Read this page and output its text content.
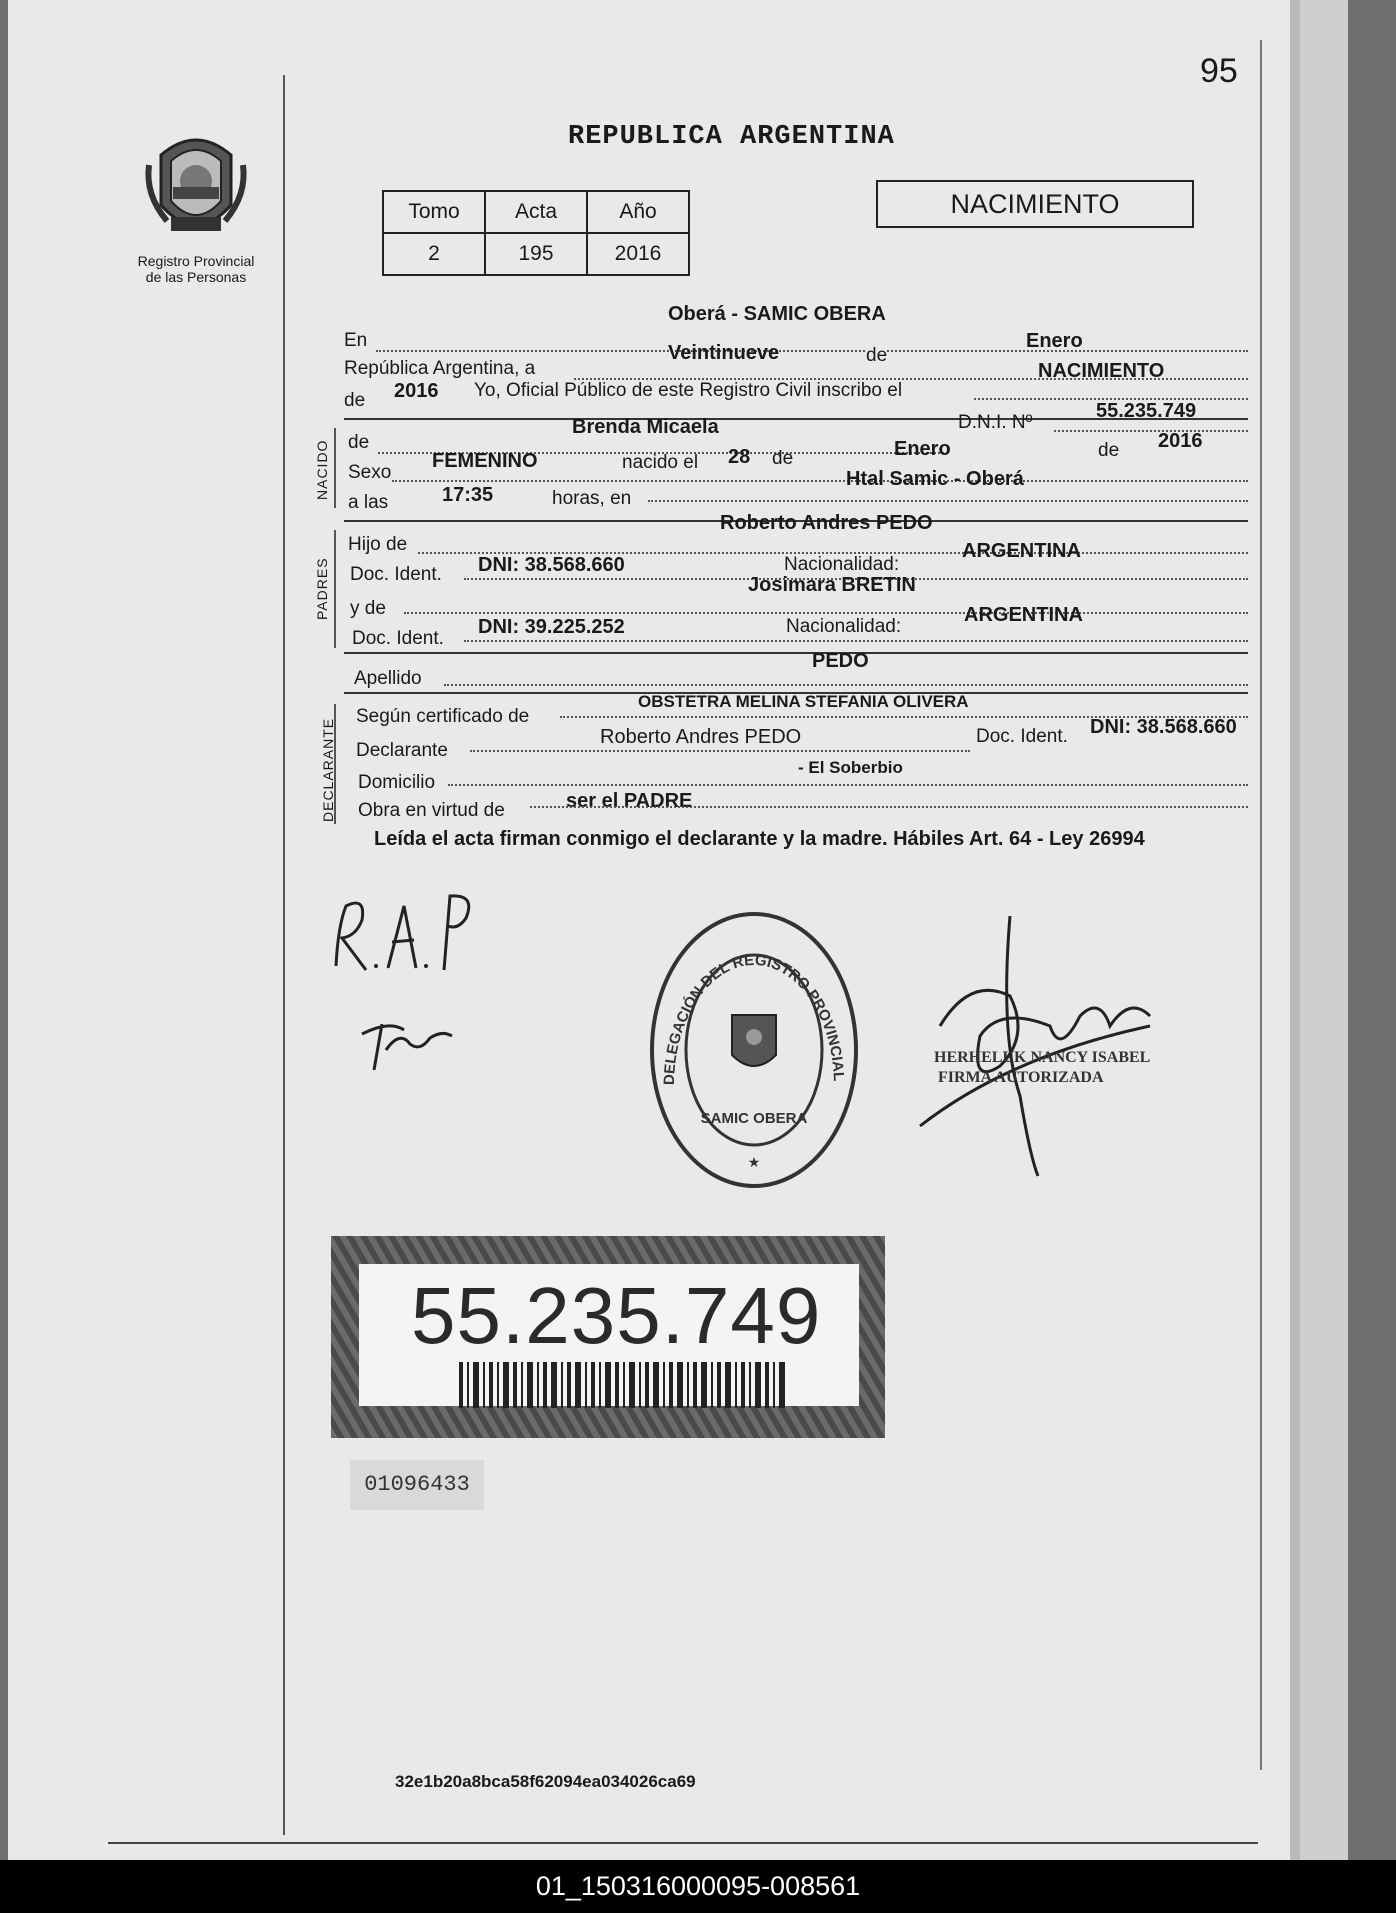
95
Registro Provincial
de las Personas
REPUBLICA ARGENTINA
Tomo	Acta	Año
2	195	2016
NACIMIENTO
En
Oberá - SAMIC OBERA
República Argentina, a
Veintinueve	de
Enero
de 2016 Yo, Oficial Público de este Registro Civil inscribo el
NACIMIENTO
NACIDO de
Brenda Micaela	D.N.I. Nº
55.235.749
Sexo
FEMENINO	nacido el 28 de	Enero	de 2016
a las	17:35	horas, en
Htal Samic - Oberá
PADRES
Hijo de
Roberto Andres PEDO
Doc. Ident. DNI: 38.568.660	Nacionalidad:
ARGENTINA
y de
Josimara BRETIN
Doc. Ident.
DNI: 39.225.252	Nacionalidad:
ARGENTINA
Apellido
PEDO
DECLARANTE
Según certificado de
OBSTETRA MELINA STEFANIA OLIVERA
Declarante
Roberto Andres PEDO	Doc. Ident. DNI: 38.568.660
Domicilio
- El Soberbio
Obra en virtud de	ser el PADRE
Leída el acta firman conmigo el declarante y la madre. Hábiles Art. 64 - Ley 26994
DELEGACIÓN DEL REGISTRO PROVINCIAL
SAMIC OBERA
★
HERHELUK NANCY ISABEL
FIRMA AUTORIZADA
55.235.749
01096433
32e1b20a8bca58f62094ea034026ca69
01_150316000095-008561
